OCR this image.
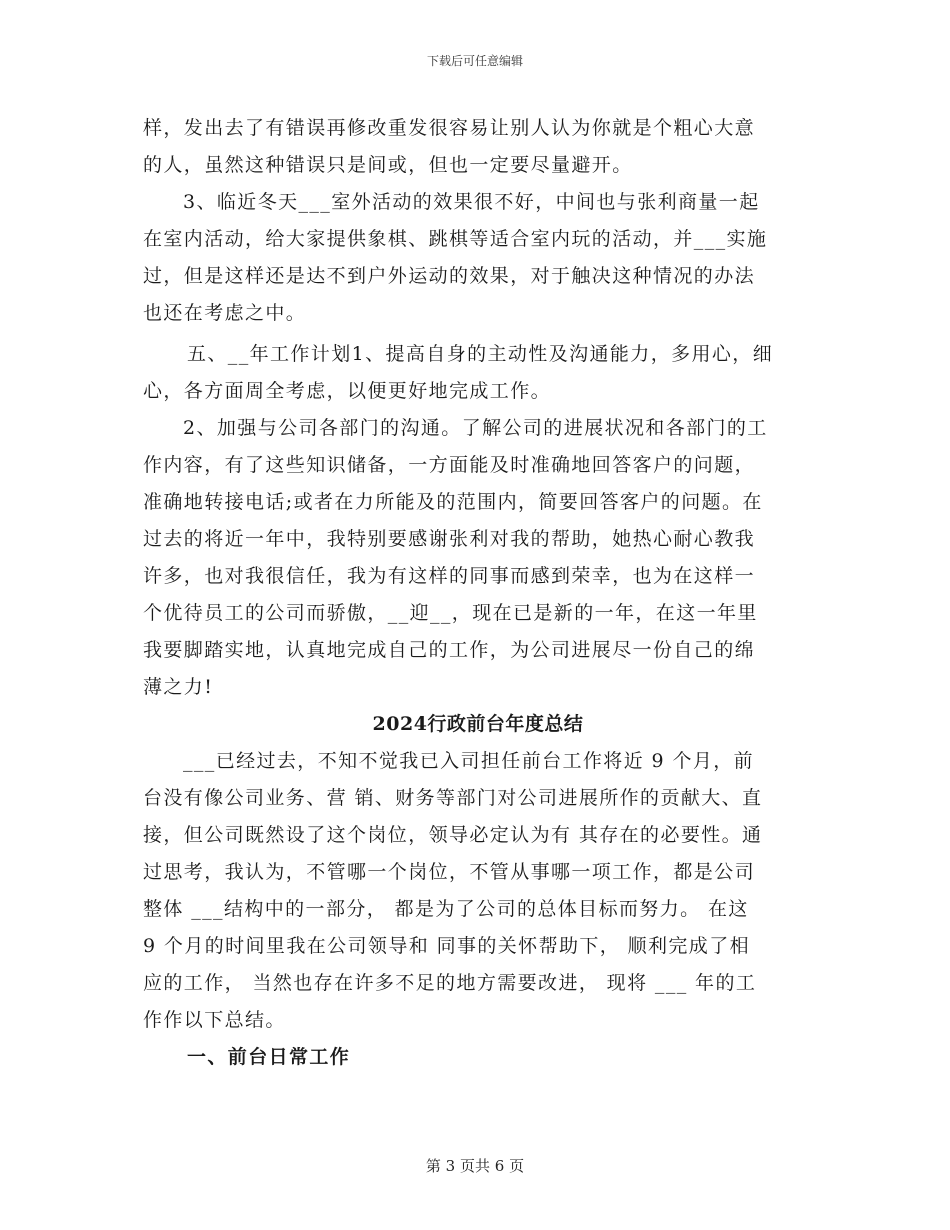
下载后可任意编辑
样，发出去了有错误再修改重发很容易让别人认为你就是个粗心大意
的人，虽然这种错误只是间或，但也一定要尽量避开。
3、临近冬天___室外活动的效果很不好，中间也与张利商量一起
在室内活动，给大家提供象棋、跳棋等适合室内玩的活动，并___实施
过，但是这样还是达不到户外运动的效果，对于触决这种情况的办法
也还在考虑之中。
五、__年工作计划1、提高自身的主动性及沟通能力，多用心，细
心，各方面周全考虑，以便更好地完成工作。
2、加强与公司各部门的沟通。了解公司的进展状况和各部门的工
作内容，有了这些知识储备，一方面能及时准确地回答客户的问题，
准确地转接电话;或者在力所能及的范围内，简要回答客户的问题。在
过去的将近一年中，我特别要感谢张利对我的帮助，她热心耐心教我
许多，也对我很信任，我为有这样的同事而感到荣幸，也为在这样一
个优待员工的公司而骄傲，__迎__，现在已是新的一年，在这一年里
我要脚踏实地，认真地完成自己的工作，为公司进展尽一份自己的绵
薄之力!
2024行政前台年度总结
___已经过去，不知不觉我已入司担任前台工作将近 9 个月，前
台没有像公司业务、营 销、财务等部门对公司进展所作的贡献大、直
接，但公司既然设了这个岗位，领导必定认为有 其存在的必要性。通
过思考，我认为，不管哪一个岗位，不管从事哪一项工作，都是公司
整体 ___结构中的一部分， 都是为了公司的总体目标而努力。 在这
9 个月的时间里我在公司领导和 同事的关怀帮助下， 顺利完成了相
应的工作， 当然也存在许多不足的地方需要改进， 现将 ___ 年的工
作作以下总结。
一、前台日常工作
第 3 页共 6 页
